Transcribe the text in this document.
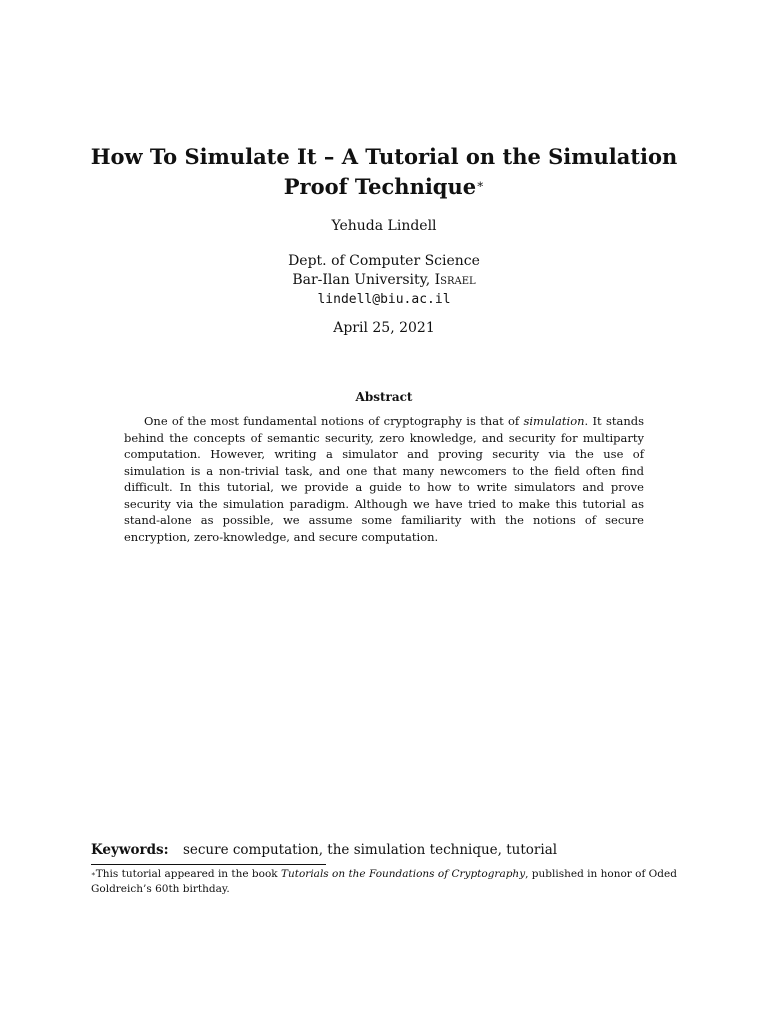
How To Simulate It – A Tutorial on the Simulation
Proof Technique∗
Yehuda Lindell
Dept. of Computer Science
Bar-Ilan University, Israel
lindell@biu.ac.il
April 25, 2021
Abstract

One of the most fundamental notions of cryptography is that of simulation. It stands behind the concepts of semantic security, zero knowledge, and security for multiparty computation. However, writing a simulator and proving security via the use of simulation is a non-trivial task, and one that many newcomers to the field often find difficult. In this tutorial, we provide a guide to how to write simulators and prove security via the simulation paradigm. Although we have tried to make this tutorial as stand-alone as possible, we assume some familiarity with the notions of secure encryption, zero-knowledge, and secure computation.

Keywords: secure computation, the simulation technique, tutorial

∗This tutorial appeared in the book Tutorials on the Foundations of Cryptography, published in honor of Oded Goldreich’s 60th birthday.
